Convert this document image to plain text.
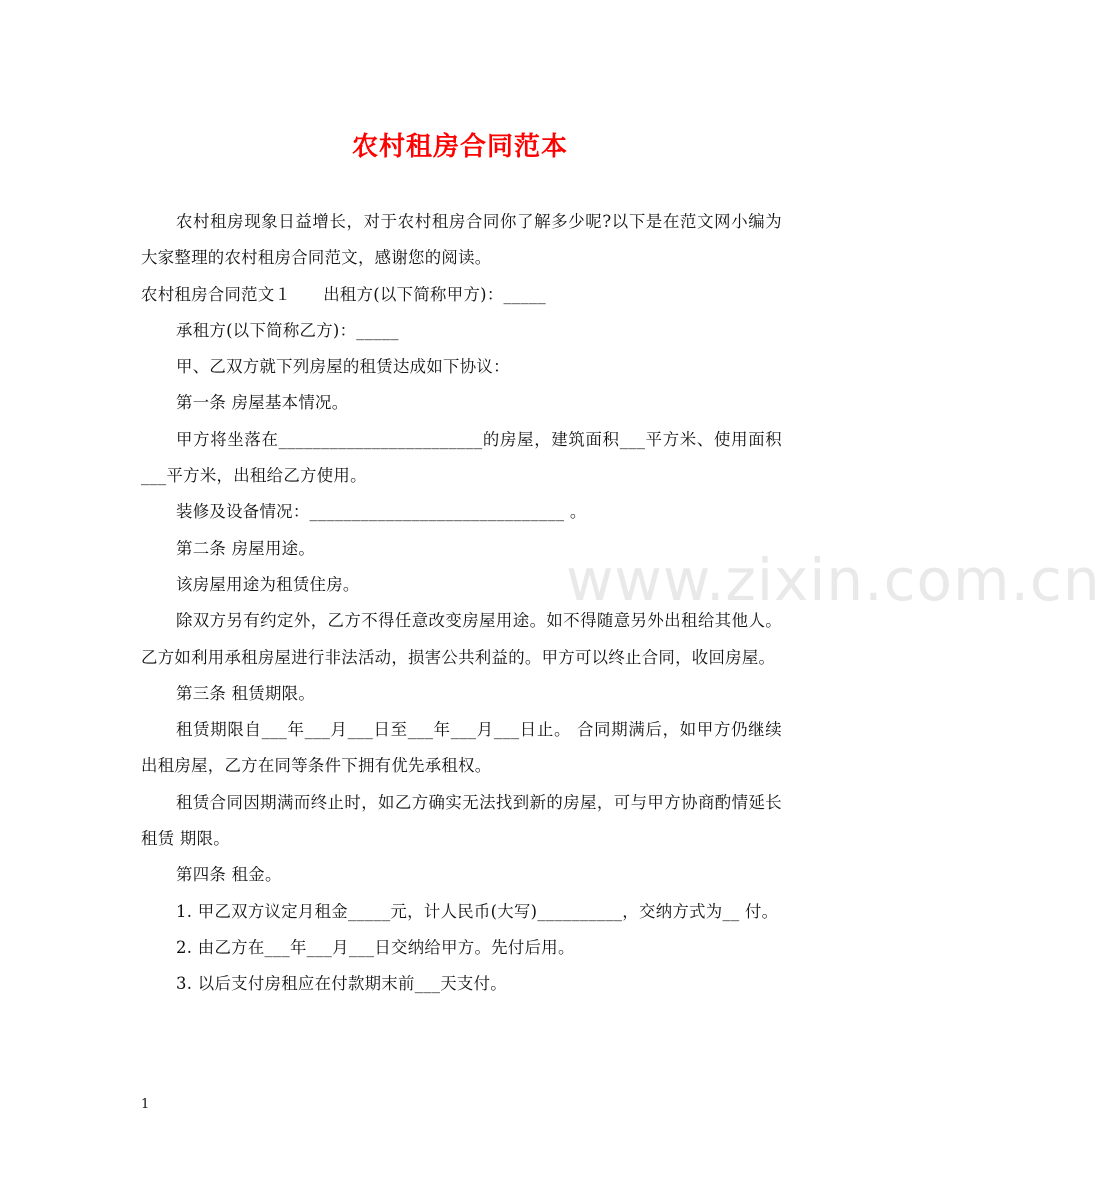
www.zixin.com.cn
农村租房合同范本

农村租房现象日益增长，对于农村租房合同你了解多少呢?以下是在范文网小编为大家整理的农村租房合同范文，感谢您的阅读。

农村租房合同范文１ 出租方(以下简称甲方)：_____

承租方(以下简称乙方)：_____

甲、乙双方就下列房屋的租赁达成如下协议：

第一条 房屋基本情况。

甲方将坐落在________________________的房屋，建筑面积___平方米、使用面积___平方米，出租给乙方使用。

装修及设备情况：______________________________ 。

第二条 房屋用途。

该房屋用途为租赁住房。

除双方另有约定外，乙方不得任意改变房屋用途。如不得随意另外出租给其他人。 乙方如利用承租房屋进行非法活动，损害公共利益的。甲方可以终止合同，收回房屋。

第三条 租赁期限。

租赁期限自___年___月___日至___年___月___日止。 合同期满后，如甲方仍继续出租房屋，乙方在同等条件下拥有优先承租权。

租赁合同因期满而终止时，如乙方确实无法找到新的房屋，可与甲方协商酌情延长租赁 期限。

第四条 租金。

1. 甲乙双方议定月租金_____元，计人民币(大写)__________，交纳方式为__ 付。

2. 由乙方在___年___月___日交纳给甲方。先付后用。

3. 以后支付房租应在付款期末前___天支付。

1
